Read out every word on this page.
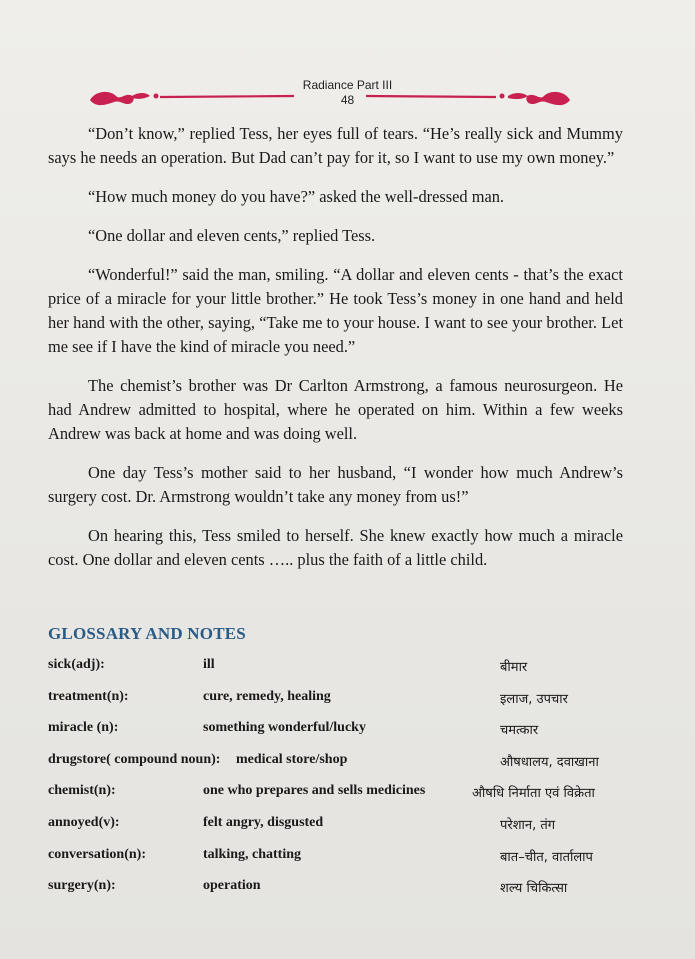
Radiance Part III
48

“Don’t know,” replied Tess, her eyes full of tears. “He’s really sick and Mummy says he needs an operation. But Dad can’t pay for it, so I want to use my own money.”

“How much money do you have?” asked the well-dressed man.

“One dollar and eleven cents,” replied Tess.

“Wonderful!” said the man, smiling. “A dollar and eleven cents - that’s the exact price of a miracle for your little brother.” He took Tess’s money in one hand and held her hand with the other, saying, “Take me to your house. I want to see your brother. Let me see if I have the kind of miracle you need.”

The chemist’s brother was Dr Carlton Armstrong, a famous neurosurgeon. He had Andrew admitted to hospital, where he operated on him. Within a few weeks Andrew was back at home and was doing well.

One day Tess’s mother said to her husband, “I wonder how much Andrew’s surgery cost. Dr. Armstrong wouldn’t take any money from us!”

On hearing this, Tess smiled to herself. She knew exactly how much a miracle cost. One dollar and eleven cents ….. plus the faith of a little child.

GLOSSARY AND NOTES
sick(adj):	ill	बीमार
treatment(n):	cure, remedy, healing	इलाज, उपचार
miracle (n):	something wonderful/lucky	चमत्कार
drugstore( compound noun): medical store/shop	औषधालय, दवाखाना
chemist(n):	one who prepares and sells medicines	औषधि निर्माता एवं विक्रेता
annoyed(v):	felt angry, disgusted	परेशान, तंग
conversation(n):	talking, chatting	बात–चीत, वार्तालाप
surgery(n):	operation	शल्य चिकित्सा
